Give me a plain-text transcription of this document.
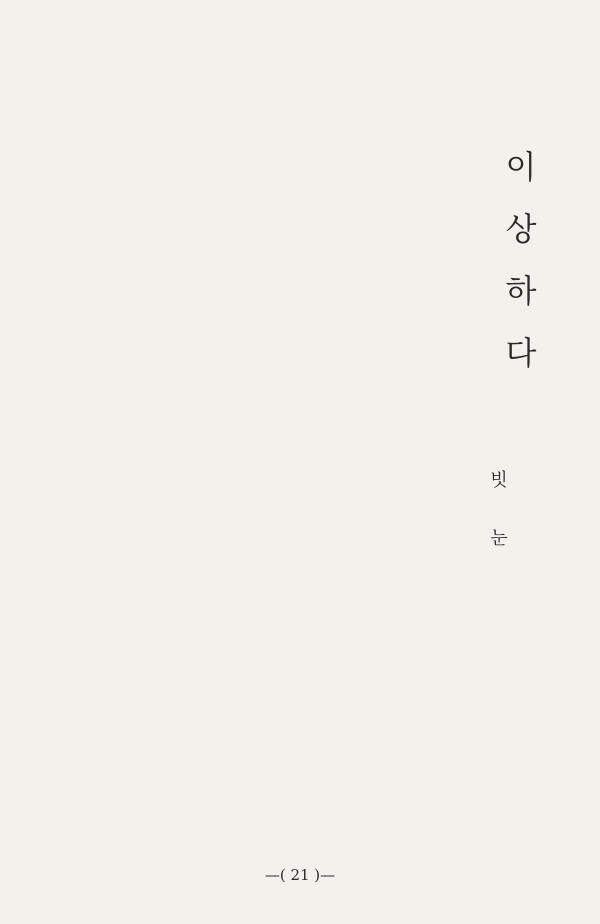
이상하다
빗눈
—( 21 )—
